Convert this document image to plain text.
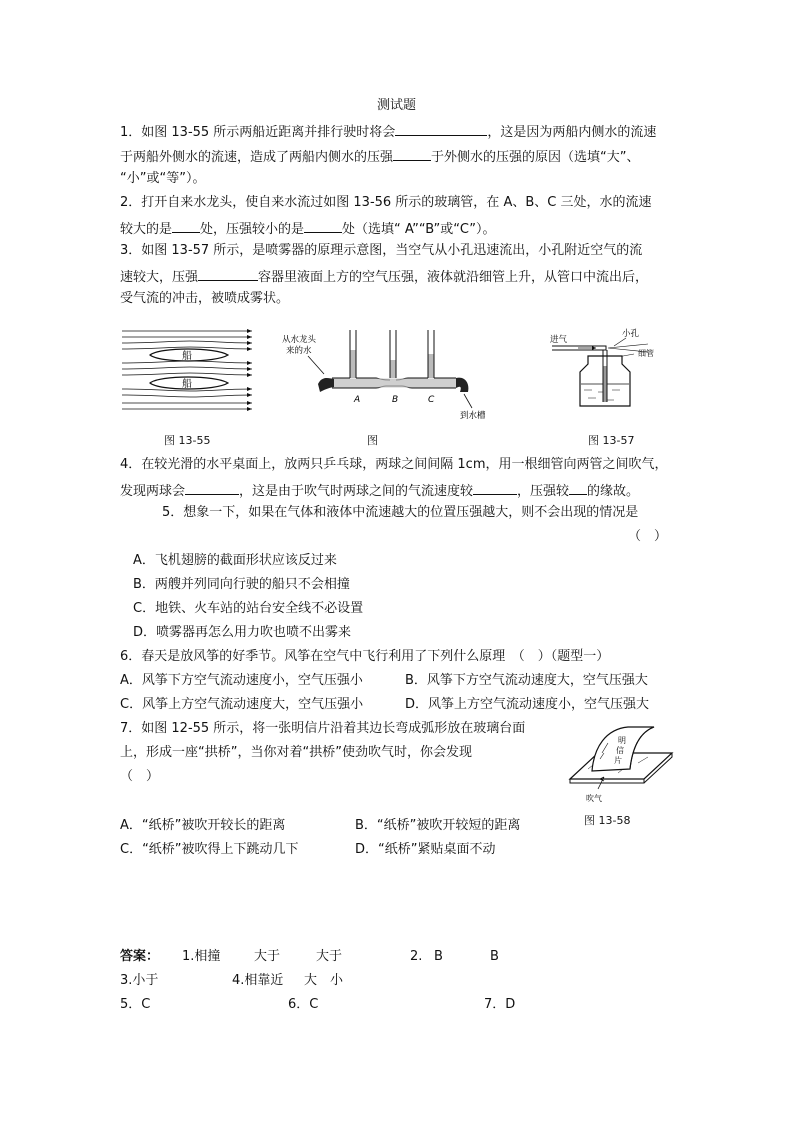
测试题
1．如图 13-55 所示两船近距离并排行驶时将会	，这是因为两船内侧水的流速
于两船外侧水的流速，造成了两船内侧水的压强	于外侧水的压强的原因（选填“大”、
“小”或“等”）。
2．打开自来水龙头，使自来水流过如图 13-56 所示的玻璃管，在 A、B、C 三处，水的流速
较大的是 处，压强较小的是	处（选填“ A”“B”或“C”）。
3．如图 13-57 所示，是喷雾器的原理示意图，当空气从小孔迅速流出，小孔附近空气的流
速较大，压强	容器里液面上方的空气压强，液体就沿细管上升，从管口中流出后，
受气流的冲击，被喷成雾状。
船
船
图 13-55
从水龙头
来的水
A	B	C
到水槽
图
进气
小孔
细管
图 13-57
4．在较光滑的水平桌面上，放两只乒乓球，两球之间间隔 1cm，用一根细管向两管之间吹气，
发现两球会	，这是由于吹气时两球之间的气流速度较	，压强较 的缘故。
5．想象一下，如果在气体和液体中流速越大的位置压强越大，则不会出现的情况是
（　）
A．飞机翅膀的截面形状应该反过来
B．两艘并列同向行驶的船只不会相撞
C．地铁、火车站的站台安全线不必设置
D．喷雾器再怎么用力吹也喷不出雾来
6．春天是放风筝的好季节。风筝在空气中飞行利用了下列什么原理　（　）（题型一）
A．风筝下方空气流动速度小，空气压强小	B．风筝下方空气流动速度大，空气压强大
C．风筝上方空气流动速度大，空气压强小	D．风筝上方空气流动速度小，空气压强大
7．如图 12-55 所示，将一张明信片沿着其边长弯成弧形放在玻璃台面
上，形成一座“拱桥”，当你对着“拱桥”使劲吹气时，你会发现
（　）
A．“纸桥”被吹开较长的距离	B．“纸桥”被吹开较短的距离
C．“纸桥”被吹得上下跳动几下	D．“纸桥”紧贴桌面不动
明
信
片
吹气
图 13-58
答案： 1.相撞	大于	大于	2. B	B
3.小于	4.相靠近 大 小
5．C	6．C	7．D
